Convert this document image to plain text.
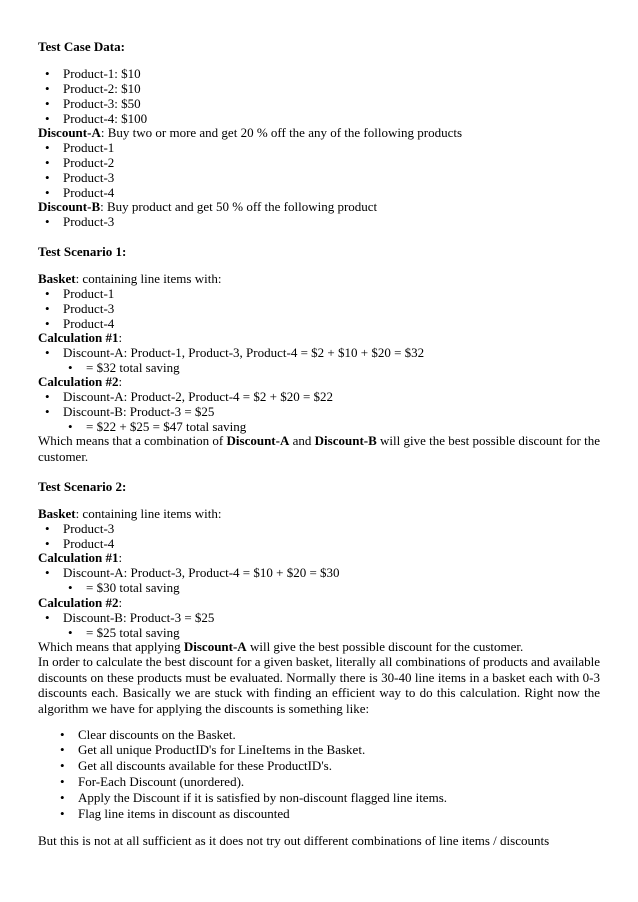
Test Case Data:
• Product-1: $10
• Product-2: $10
• Product-3: $50
• Product-4: $100
Discount-A: Buy two or more and get 20 % off the any of the following products
• Product-1
• Product-2
• Product-3
• Product-4
Discount-B: Buy product and get 50 % off the following product
• Product-3
Test Scenario 1:
Basket: containing line items with:
• Product-1
• Product-3
• Product-4
Calculation #1:
• Discount-A: Product-1, Product-3, Product-4 = $2 + $10 + $20 = $32
• = $32 total saving
Calculation #2:
• Discount-A: Product-2, Product-4 = $2 + $20 = $22
• Discount-B: Product-3 = $25
• = $22 + $25 = $47 total saving
Which means that a combination of Discount-A and Discount-B will give the best possible discount for the customer.
Test Scenario 2:
Basket: containing line items with:
• Product-3
• Product-4
Calculation #1:
• Discount-A: Product-3, Product-4 = $10 + $20 = $30
• = $30 total saving
Calculation #2:
• Discount-B: Product-3 = $25
• = $25 total saving
Which means that applying Discount-A will give the best possible discount for the customer.
In order to calculate the best discount for a given basket, literally all combinations of products and available discounts on these products must be evaluated. Normally there is 30-40 line items in a basket each with 0-3 discounts each. Basically we are stuck with finding an efficient way to do this calculation. Right now the algorithm we have for applying the discounts is something like:
• Clear discounts on the Basket.
• Get all unique ProductID's for LineItems in the Basket.
• Get all discounts available for these ProductID's.
• For-Each Discount (unordered).
• Apply the Discount if it is satisfied by non-discount flagged line items.
• Flag line items in discount as discounted
But this is not at all sufficient as it does not try out different combinations of line items / discounts
